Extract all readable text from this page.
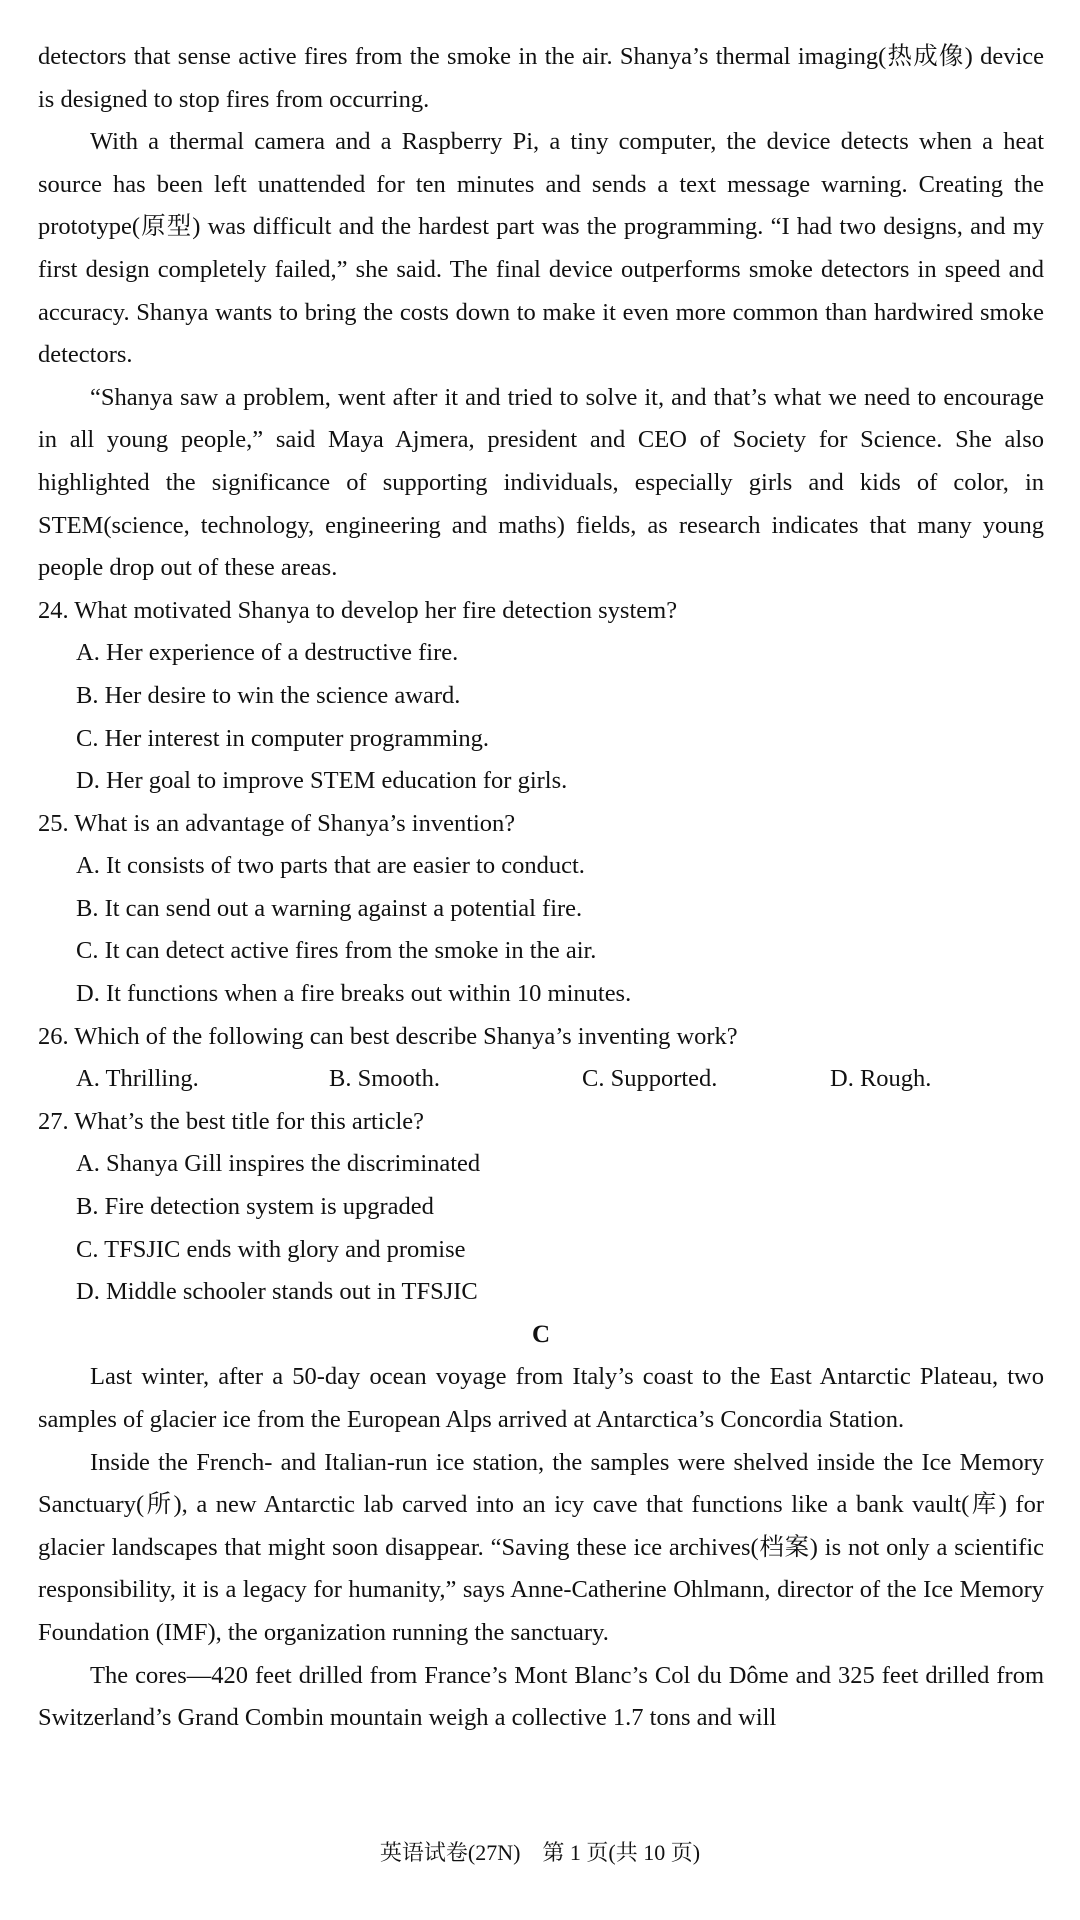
detectors that sense active fires from the smoke in the air. Shanya’s thermal imaging(热成像) device is designed to stop fires from occurring.

With a thermal camera and a Raspberry Pi, a tiny computer, the device detects when a heat source has been left unattended for ten minutes and sends a text message warning. Creating the prototype(原型) was difficult and the hardest part was the programming. “I had two designs, and my first design completely failed,” she said. The final device outperforms smoke detectors in speed and accuracy. Shanya wants to bring the costs down to make it even more common than hardwired smoke detectors.

“Shanya saw a problem, went after it and tried to solve it, and that’s what we need to encourage in all young people,” said Maya Ajmera, president and CEO of Society for Science. She also highlighted the significance of supporting individuals, especially girls and kids of color, in STEM(science, technology, engineering and maths) fields, as research indicates that many young people drop out of these areas.

24. What motivated Shanya to develop her fire detection system?

A. Her experience of a destructive fire.

B. Her desire to win the science award.

C. Her interest in computer programming.

D. Her goal to improve STEM education for girls.

25. What is an advantage of Shanya’s invention?

A. It consists of two parts that are easier to conduct.

B. It can send out a warning against a potential fire.

C. It can detect active fires from the smoke in the air.

D. It functions when a fire breaks out within 10 minutes.

26. Which of the following can best describe Shanya’s inventing work?

A. Thrilling.	B. Smooth.	C. Supported.	D. Rough.

27. What’s the best title for this article?

A. Shanya Gill inspires the discriminated

B. Fire detection system is upgraded

C. TFSJIC ends with glory and promise

D. Middle schooler stands out in TFSJIC

C

Last winter, after a 50-day ocean voyage from Italy’s coast to the East Antarctic Plateau, two samples of glacier ice from the European Alps arrived at Antarctica’s Concordia Station.

Inside the French- and Italian-run ice station, the samples were shelved inside the Ice Memory Sanctuary(所), a new Antarctic lab carved into an icy cave that functions like a bank vault(库) for glacier landscapes that might soon disappear. “Saving these ice archives(档案) is not only a scientific responsibility, it is a legacy for humanity,” says Anne-Catherine Ohlmann, director of the Ice Memory Foundation (IMF), the organization running the sanctuary.

The cores—420 feet drilled from France’s Mont Blanc’s Col du Dôme and 325 feet drilled from Switzerland’s Grand Combin mountain weigh a collective 1.7 tons and will

英语试卷(27N)　第 1 页(共 10 页)
